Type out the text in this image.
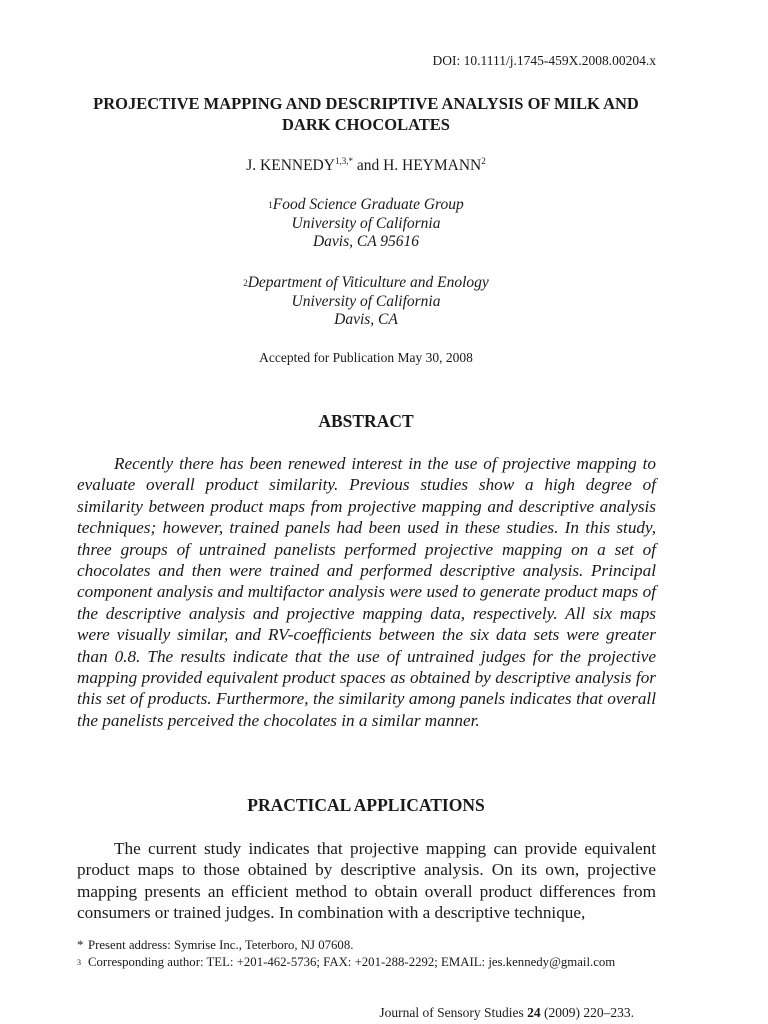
DOI: 10.1111/j.1745-459X.2008.00204.x
PROJECTIVE MAPPING AND DESCRIPTIVE ANALYSIS OF MILK AND DARK CHOCOLATES
J. $KENNEDY^{1,3,*}$ and H. HEYMANN$^2$
$^1$Food Science Graduate Group
University of California
Davis, CA 95616
$^2$Department of Viticulture and Enology
University of California
Davis, CA
Accepted for Publication May 30, 2008
ABSTRACT
Recently there has been renewed interest in the use of projective mapping to evaluate overall product similarity. Previous studies show a high degree of similarity between product maps from projective mapping and descriptive analysis techniques; however, trained panels had been used in these studies. In this study, three groups of untrained panelists performed projective mapping on a set of chocolates and then were trained and performed descriptive analysis. Principal component analysis and multifactor analysis were used to generate product maps of the descriptive analysis and projective mapping data, respectively. All six maps were visually similar, and RV-coefficients between the six data sets were greater than 0.8. The results indicate that the use of untrained judges for the projective mapping provided equivalent product spaces as obtained by descriptive analysis for this set of products. Furthermore, the similarity among panels indicates that overall the panelists perceived the chocolates in a similar manner.
PRACTICAL APPLICATIONS
The current study indicates that projective mapping can provide equivalent product maps to those obtained by descriptive analysis. On its own, projective mapping presents an efficient method to obtain overall product differences from consumers or trained judges. In combination with a descriptive technique,
* Present address: Symrise Inc., Teterboro, NJ 07608.
$^3$ Corresponding author: TEL: +201-462-5736; FAX: +201-288-2292; EMAIL: jes.kennedy@gmail.com
Journal of Sensory Studies 24 (2009) 220–233.
